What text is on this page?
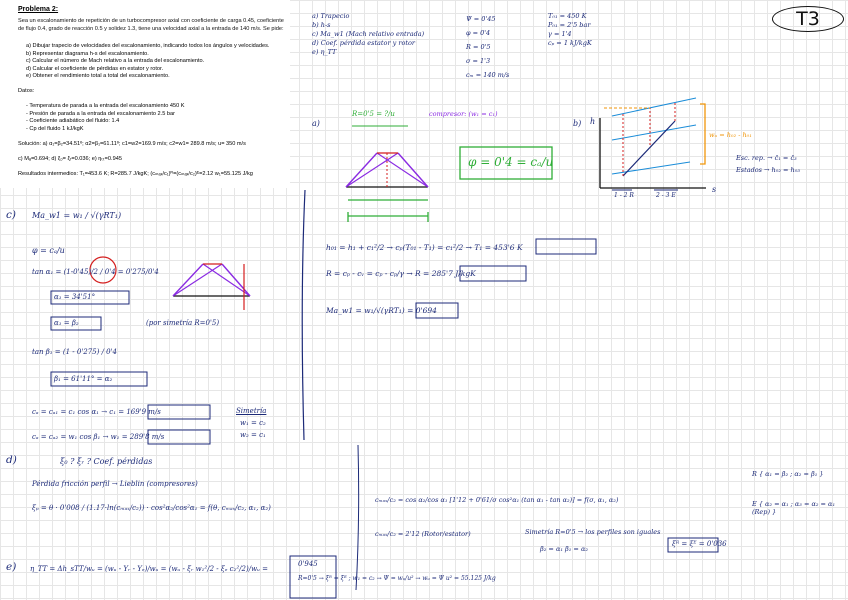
Problema 2:
Sea un escalonamiento de repetición de un turbocompresor axial con coeficiente de carga 0.45, coeficiente de flujo 0.4, grado de reacción 0.5 y solidez 1.3, tiene una velocidad axial a la entrada de 140 m/s. Se pide:
a) Dibujar trapecio de velocidades del escalonamiento, indicando todos los ángulos y velocidades.
b) Representar diagrama h-s del escalonamiento.
c) Calcular el número de Mach relativo a la entrada del escalonamiento.
d) Calcular el coeficiente de pérdidas en estator y rotor.
e) Obtener el rendimiento total a total del escalonamiento.
Datos:
- Temperatura de parada a la entrada del escalonamiento 450 K
- Presión de parada a la entrada del escalonamiento 2.5 bar
- Coeficiente adiabático del fluido: 1.4
- Cp del fluido 1 kJ/kgK
Solución: a) α₁=β₂=34.51º; α2=β₁=61.11º; c1=w2=169.9 m/s; c2=w1= 289.8 m/s; u= 350 m/s
c) Mₐ=0.694; d) ξ₀= ξᵣ=0.036; e) ηₜₜ=0.945
Resultados intermedios: T₁=453.6 K; R=285.7 J/kgK; (cₘₐₓ/c₁)ᴿ=(cₘₐₓ/c₂)ᴱ=2.12 w₁=55.125 J/kg
T3
a) Trapecio
b) h-s
c) Ma_w1 (Mach relativo entrada)
d) Coef. pérdida estator y rotor
e) η_TT
Ψ = 0'45
φ = 0'4
R = 0'5
σ = 1'3
cₘ = 140 m/s
T₀₁ = 450 K
P₀₁ = 2'5 bar
γ = 1'4
cₚ = 1 kJ/kgK
a)
R=0'5 = ?/u	compresor: (w₁ = c₁)
φ = 0'4 = cₐ/u
b) h
s
wᵤ = h₀₂ - h₀₁
Esc. rep. → c̄₁ = c̄₃
Estados → h₀₂ = h₀₃
1 - 2 R	2 - 3 E
c) Ma_w1 = w₁ / √(γRT₁)
φ = cₐ/u
tan α₁ = (1-0'45)/2 / 0'4 = 0'275/0'4
α₁ = 34'51°
α₁ = β₂	(por simetría R=0'5)
tan β₁ = (1 - 0'275) / 0'4
β₁ = 61'11° = α₂
cₐ = cₐ₁ = c₁ cos α₁ → c₁ = 169'9 m/s
cₐ = cₐ₂ = w₁ cos β₁ → w₁ = 289'8 m/s
Simetría
w₁ = c₂
w₂ = c₁
h₀₁ = h₁ + c₁²/2 → cₚ(T₀₁ - T₁) = c₁²/2 → T₁ = 453'6 K
R = cₚ - cᵥ = cₚ - cₚ/γ → R = 285'7 J/kgK
Ma_w1 = w₁/√(γRT₁) = 0'694
d)	ξ₀ ? ξᵣ ? Coef. pérdidas
Pérdida fricción perfil → Lieblin (compresores)
ξₚ = θ · 0'008 / (1.17·ln(cₘₐₓ/c₂)) · cos²α₂/cos²α₁ = f(θ, cₘₐₓ/c₂, α₁, α₂)
cₘₐₓ/c₂ = cos α₂/cos α₁ [1'12 + 0'61/σ cos²α₁ (tan α₁ - tan α₂)] = f(σ, α₁, α₂)
cₘₐₓ/c₂ = 2'12 (Rotor/estator)	Simetría R=0'5 → los perfiles son iguales
β₂ = α₁ β₁ = α₂
ξᴿ = ξᴱ = 0'036
R { α₁ = β₂ ; α₂ = β₁ }
E { α₂ = α₁ ; α₃ = α₂ = α₁ (Rep) }
e) η_TT = Δh_sTT/wᵤ = (wᵤ - Yᵣ - Yₑ)/wᵤ = (wᵤ - ξᵣ w₁²/2 - ξₑ c₂²/2)/wᵤ =
0'945
R=0'5 → ξᴿ = ξᴱ ; w₁ = c₂ → Ψ = wᵤ/u² → wᵤ = Ψ u² = 55.125 J/kg
